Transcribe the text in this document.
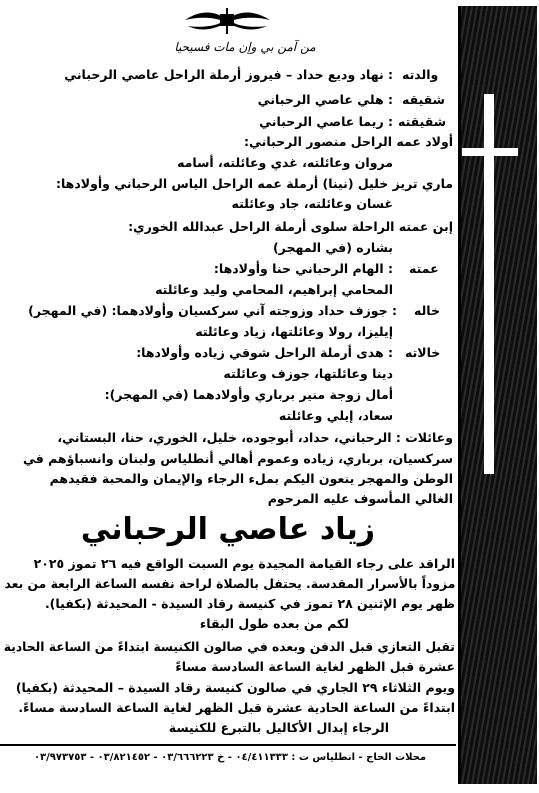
من آمن بي وإن مات فسيحيا
والدته
: نهاد وديع حداد – فيروز أرملة الراحل عاصي الرحباني
شقيقه
: هلي عاصي الرحباني
شقيقته
: ريما عاصي الرحباني
أولاد عمه الراحل منصور الرحباني:
مروان وعائلته، غدي وعائلته، أسامه
ماري تريز خليل (نينا) أرملة عمه الراحل الياس الرحباني وأولادها:
غسان وعائلته، جاد وعائلته
إبن عمته الراحلة سلوى أرملة الراحل عبدالله الخوري:
بشاره (في المهجر)
عمته
: الهام الرحباني حنا وأولادها:
المحامي إبراهيم، المحامي وليد وعائلته
خاله
: جوزف حداد وزوجته آني سركسيان وأولادهما: (في المهجر)
إيليزا، رولا وعائلتها، زياد وعائلته
خالاته
: هدى أرملة الراحل شوقي زياده وأولادها:
دينا وعائلتها، جوزف وعائلته
أمال زوجة منير برباري وأولادهما (في المهجر):
سعاد، إيلي وعائلته
وعائلات : الرحباني، حداد، أبوجوده، خليل، الخوري، حنا، البستاني،
سركسيان، برباري، زياده وعموم أهالي أنطلياس ولبنان وانسباؤهم في
الوطن والمهجر ينعون اليكم بملء الرجاء والإيمان والمحبة فقيدهم
الغالي المأسوف عليه المرحوم
زياد عاصي الرحباني
الراقد على رجاء القيامة المجيدة يوم السبت الواقع فيه ٢٦ تموز ٢٠٢٥
مزوداً بالأسرار المقدسة. يحتفل بالصلاة لراحة نفسه الساعة الرابعة من بعد
ظهر يوم الإثنين ٢٨ تموز في كنيسة رقاد السيدة - المحيدثة (بكفيا).
لكم من بعده طول البقاء
تقبل التعازي قبل الدفن وبعده في صالون الكنيسة ابتداءً من الساعة الحادية
عشرة قبل الظهر لغاية الساعة السادسة مساءً
ويوم الثلاثاء ٢٩ الجاري في صالون كنيسة رقاد السيدة – المحيدثة (بكفيا)
ابتداءً من الساعة الحادية عشرة قبل الظهر لغاية الساعة السادسة مساءً.
الرجاء إبدال الأكاليل بالتبرع للكنيسة
محلات الحاج - انطلياس ت : ٠٤/٤١١٣٣٣ - خ ٠٣/٦٦٦٢٢٣ - ٠٣/٨٢١٤٥٢ - ٠٣/٩٧٣٧٥٣
